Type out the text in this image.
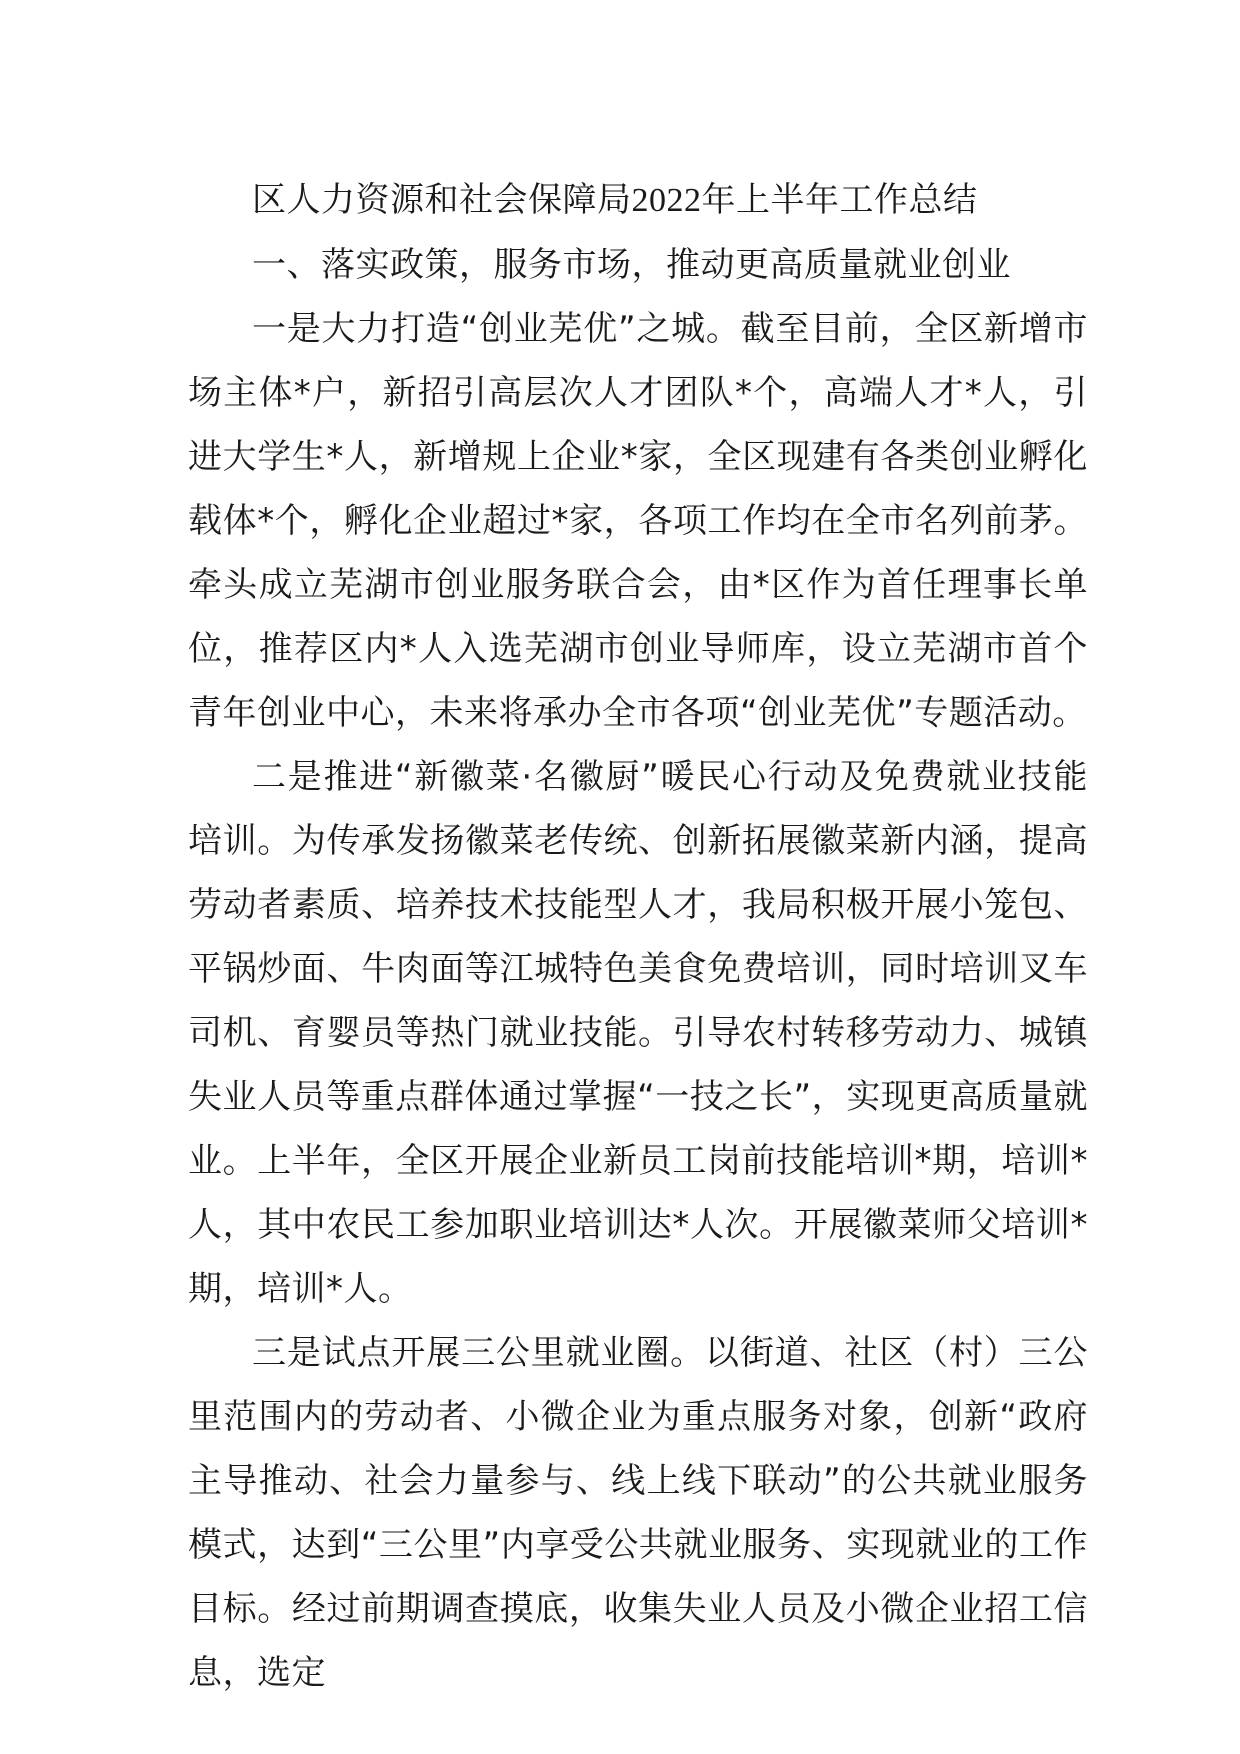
区人力资源和社会保障局2022年上半年工作总结
一、落实政策，服务市场，推动更高质量就业创业

一是大力打造“创业芜优”之城。截至目前，全区新增市场主体*户，新招引高层次人才团队*个，高端人才*人，引进大学生*人，新增规上企业*家，全区现建有各类创业孵化载体*个，孵化企业超过*家，各项工作均在全市名列前茅。牵头成立芜湖市创业服务联合会，由*区作为首任理事长单位，推荐区内*人入选芜湖市创业导师库，设立芜湖市首个青年创业中心，未来将承办全市各项“创业芜优”专题活动。

二是推进“新徽菜·名徽厨”暖民心行动及免费就业技能培训。为传承发扬徽菜老传统、创新拓展徽菜新内涵，提高劳动者素质、培养技术技能型人才，我局积极开展小笼包、平锅炒面、牛肉面等江城特色美食免费培训，同时培训叉车司机、育婴员等热门就业技能。引导农村转移劳动力、城镇失业人员等重点群体通过掌握“一技之长”，实现更高质量就业。上半年，全区开展企业新员工岗前技能培训*期，培训*人，其中农民工参加职业培训达*人次。开展徽菜师父培训*期，培训*人。

三是试点开展三公里就业圈。以街道、社区（村）三公里范围内的劳动者、小微企业为重点服务对象，创新“政府主导推动、社会力量参与、线上线下联动”的公共就业服务模式，达到“三公里”内享受公共就业服务、实现就业的工作目标。经过前期调查摸底，收集失业人员及小微企业招工信息，选定
